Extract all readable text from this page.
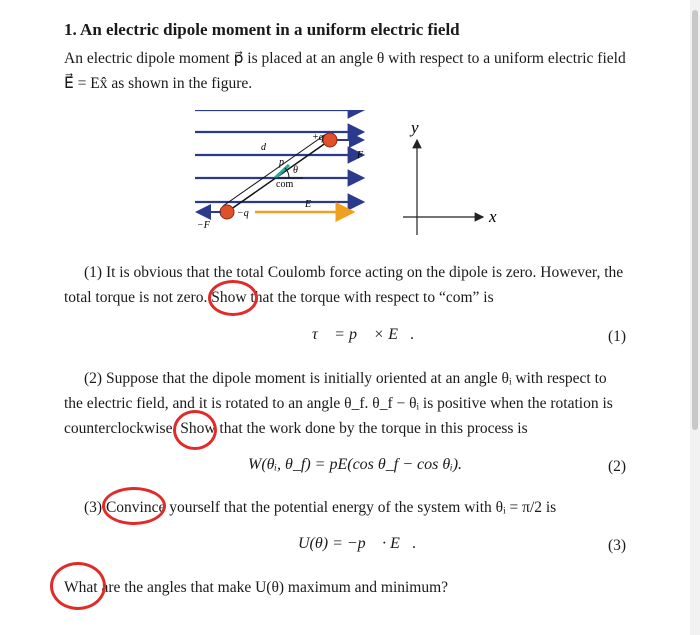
1. An electric dipole moment in a uniform electric field
An electric dipole moment p⃗ is placed at an angle θ with respect to a uniform electric field
E⃗ = Ex̂ as shown in the figure.
+q
−q
d
p⃗
θ
com
E⃗
F⃗
−F⃗
y
x
(1) It is obvious that the total Coulomb force acting on the dipole is zero. However, the
total torque is not zero. Show that the torque with respect to “com” is
τ⃗ = p⃗ × E⃗.	(1)
(2) Suppose that the dipole moment is initially oriented at an angle θᵢ with respect to
the electric field, and it is rotated to an angle θ_f. θ_f − θᵢ is positive when the rotation is
counterclockwise. Show that the work done by the torque in this process is
W(θᵢ, θ_f) = pE(cos θ_f − cos θᵢ).	(2)
(3) Convince yourself that the potential energy of the system with θᵢ = π/2 is
U(θ) = −p⃗ · E⃗.	(3)
What are the angles that make U(θ) maximum and minimum?
